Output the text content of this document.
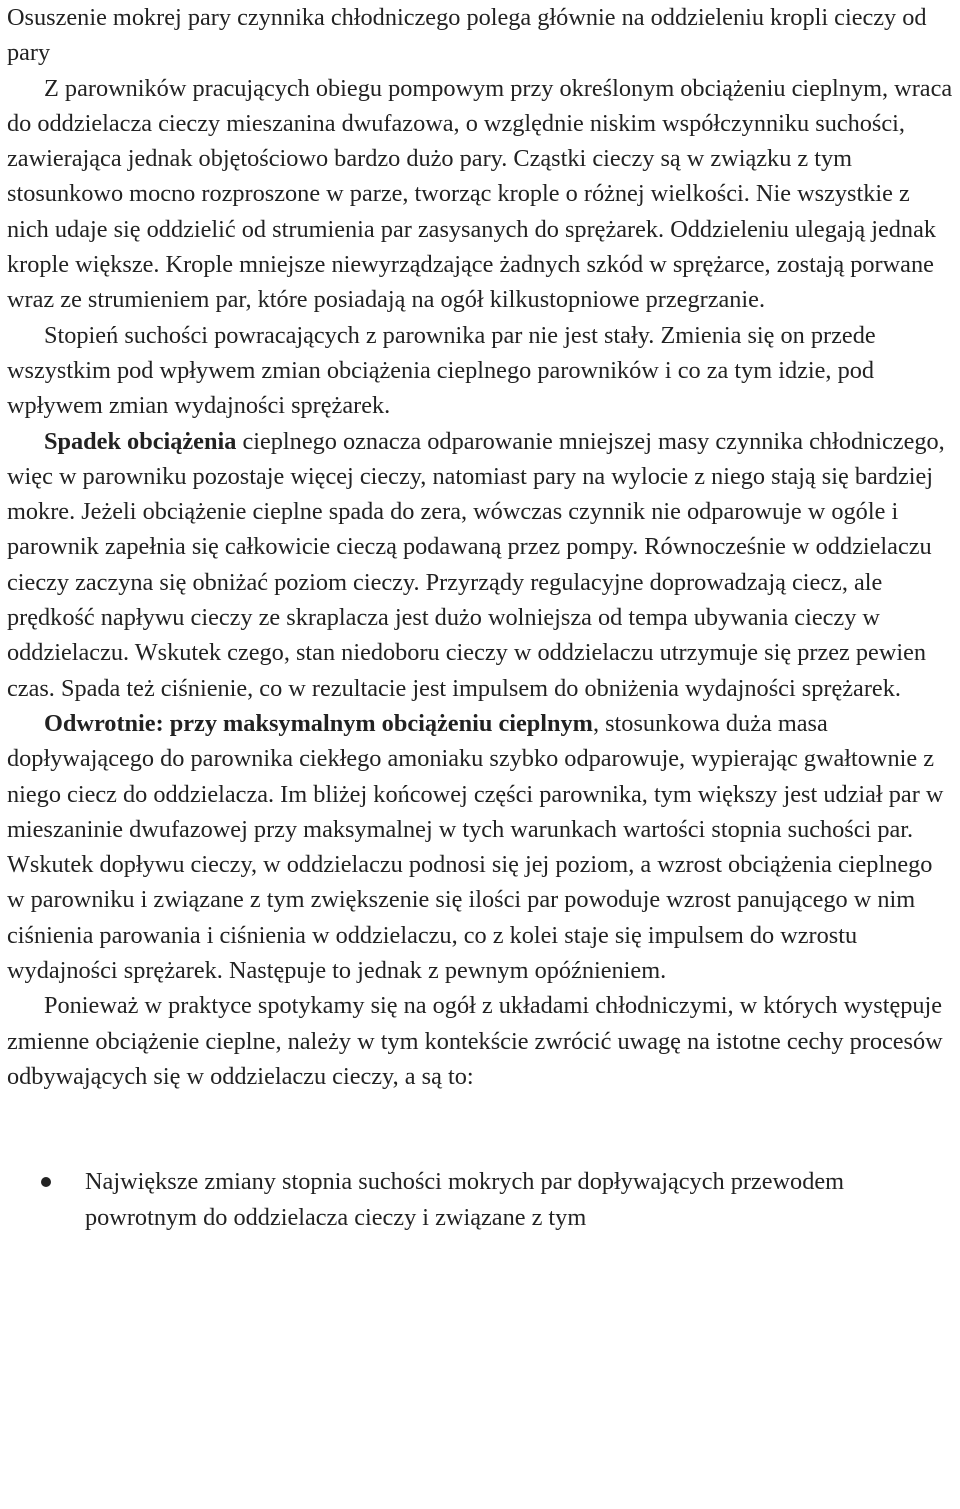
Osuszenie mokrej pary czynnika chłodniczego polega głównie na oddzieleniu kropli cieczy od pary

Z parowników pracujących obiegu pompowym przy określonym obciążeniu cieplnym, wraca do oddzielacza cieczy mieszanina dwufazowa, o względnie niskim współczynniku suchości, zawierająca jednak objętościowo bardzo dużo pary. Cząstki cieczy są w związku z tym stosunkowo mocno rozproszone w parze, tworząc krople o różnej wielkości. Nie wszystkie z nich udaje się oddzielić od strumienia par zasysanych do sprężarek. Oddzieleniu ulegają jednak krople większe. Krople mniejsze niewyrządzające żadnych szkód w sprężarce, zostają porwane wraz ze strumieniem par, które posiadają na ogół kilkustopniowe przegrzanie.

Stopień suchości powracających z parownika par nie jest stały. Zmienia się on przede wszystkim pod wpływem zmian obciążenia cieplnego parowników i co za tym idzie, pod wpływem zmian wydajności sprężarek.

Spadek obciążenia cieplnego oznacza odparowanie mniejszej masy czynnika chłodniczego, więc w parowniku pozostaje więcej cieczy, natomiast pary na wylocie z niego stają się bardziej mokre. Jeżeli obciążenie cieplne spada do zera, wówczas czynnik nie odparowuje w ogóle i parownik zapełnia się całkowicie cieczą podawaną przez pompy. Równocześnie w oddzielaczu cieczy zaczyna się obniżać poziom cieczy. Przyrządy regulacyjne doprowadzają ciecz, ale prędkość napływu cieczy ze skraplacza jest dużo wolniejsza od tempa ubywania cieczy w oddzielaczu. Wskutek czego, stan niedoboru cieczy w oddzielaczu utrzymuje się przez pewien czas. Spada też ciśnienie, co w rezultacie jest impulsem do obniżenia wydajności sprężarek.

Odwrotnie: przy maksymalnym obciążeniu cieplnym, stosunkowa duża masa dopływającego do parownika ciekłego amoniaku szybko odparowuje, wypierając gwałtownie z niego ciecz do oddzielacza. Im bliżej końcowej części parownika, tym większy jest udział par w mieszaninie dwufazowej przy maksymalnej w tych warunkach wartości stopnia suchości par. Wskutek dopływu cieczy, w oddzielaczu podnosi się jej poziom, a wzrost obciążenia cieplnego w parowniku i związane z tym zwiększenie się ilości par powoduje wzrost panującego w nim ciśnienia parowania i ciśnienia w oddzielaczu, co z kolei staje się impulsem do wzrostu wydajności sprężarek. Następuje to jednak z pewnym opóźnieniem.

Ponieważ w praktyce spotykamy się na ogół z układami chłodniczymi, w których występuje zmienne obciążenie cieplne, należy w tym kontekście zwrócić uwagę na istotne cechy procesów odbywających się w oddzielaczu cieczy, a są to:

Największe zmiany stopnia suchości mokrych par dopływających przewodem powrotnym do oddzielacza cieczy i związane z tym
